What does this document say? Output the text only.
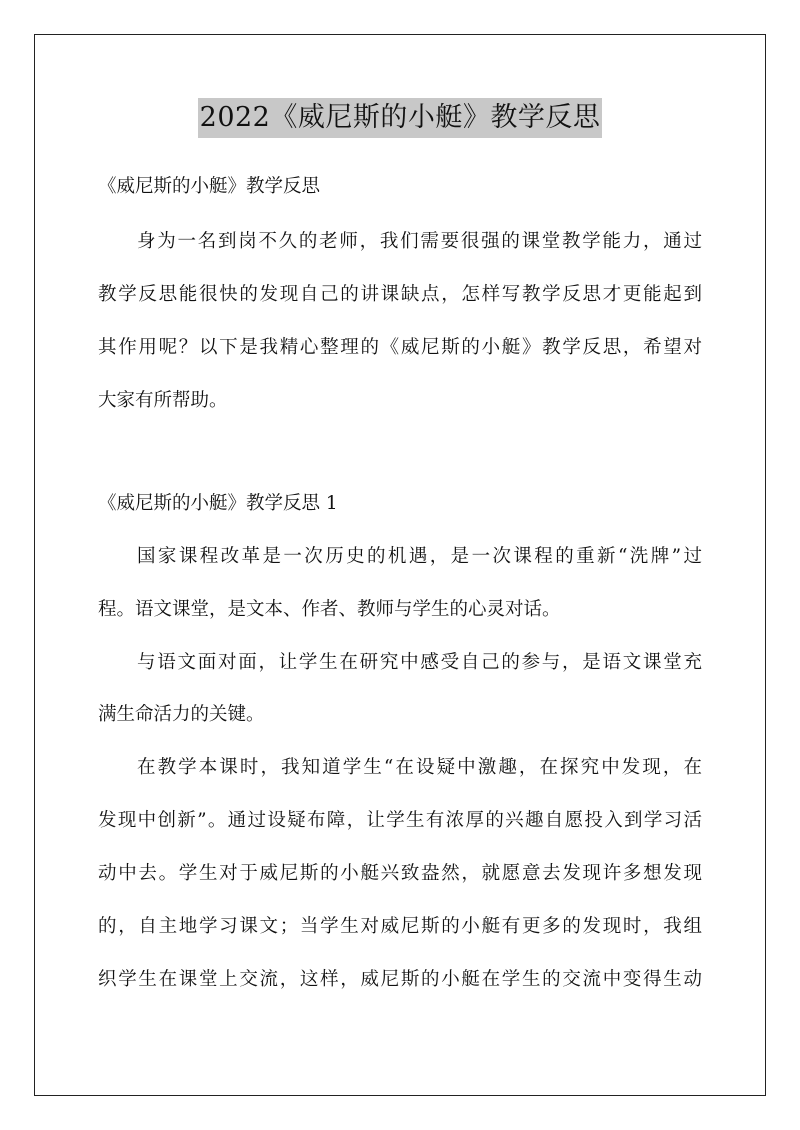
2022《威尼斯的小艇》教学反思
《威尼斯的小艇》教学反思
身为一名到岗不久的老师，我们需要很强的课堂教学能力，通过
教学反思能很快的发现自己的讲课缺点，怎样写教学反思才更能起到
其作用呢？以下是我精心整理的《威尼斯的小艇》教学反思，希望对
大家有所帮助。
《威尼斯的小艇》教学反思 1
国家课程改革是一次历史的机遇，是一次课程的重新“洗牌”过
程。语文课堂，是文本、作者、教师与学生的心灵对话。
与语文面对面，让学生在研究中感受自己的参与，是语文课堂充
满生命活力的关键。
在教学本课时，我知道学生“在设疑中激趣，在探究中发现，在
发现中创新”。通过设疑布障，让学生有浓厚的兴趣自愿投入到学习活
动中去。学生对于威尼斯的小艇兴致盎然，就愿意去发现许多想发现
的，自主地学习课文；当学生对威尼斯的小艇有更多的发现时，我组
织学生在课堂上交流，这样，威尼斯的小艇在学生的交流中变得生动
